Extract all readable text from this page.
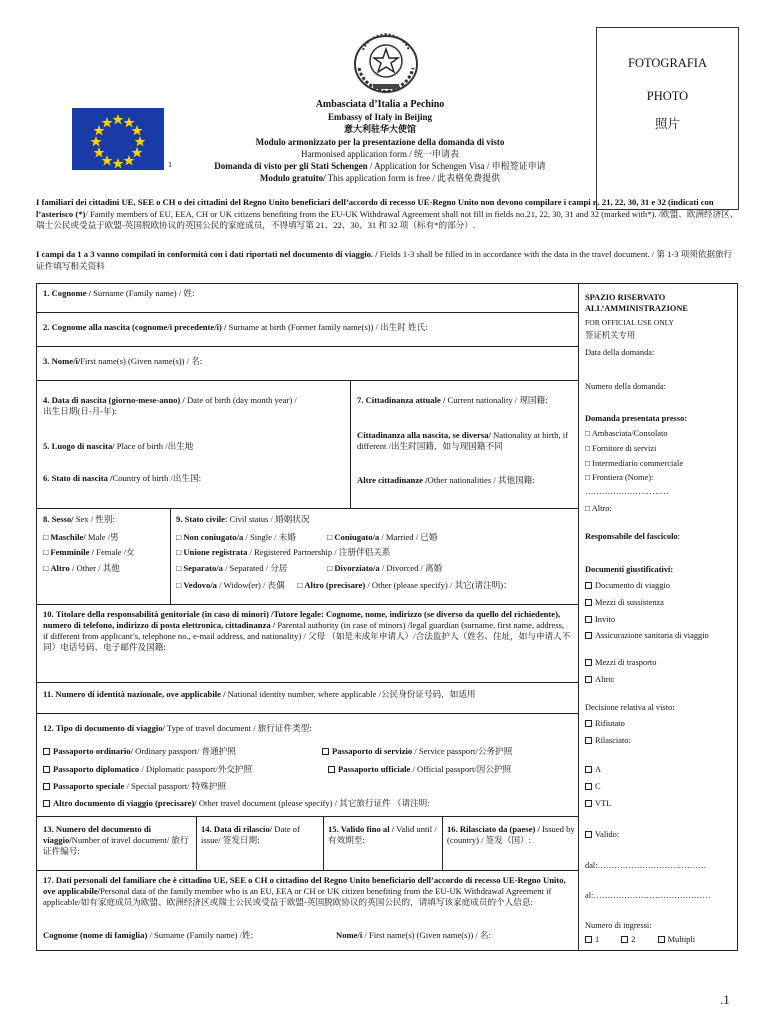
1
Ambasciata d’Italia a Pechino
Embassy of Italy in Beijing
意大利驻华大使馆
Modulo armonizzato per la presentazione della domanda di visto
Harmonised application form / 统一申请表
Domanda di visto per gli Stati Schengen / Application for Schengen Visa / 申根签证申请
Modulo gratuito/ This application form is free / 此表格免费提供
FOTOGRAFIA
PHOTO
照片
I familiari dei cittadini UE, SEE o CH o dei cittadini del Regno Unito beneficiari dell’accordo di recesso UE-Regno Unito non devono compilare i campi n. 21, 22, 30, 31 e 32 (indicati con l’asterisco (*)/ Family members of EU, EEA, CH or UK citizens benefiting from the EU-UK Withdrawal Agreement shall not fill in fields no.21, 22, 30, 31 and 32 (marked with*). /欧盟、欧洲经济区、瑞士公民或受益于欧盟-英国脱欧协议的英国公民的家庭成员，不得填写第 21、22、30、31 和 32 项（标有*的部分）.
I campi da 1 a 3 vanno compilati in conformità con i dati riportati nel documento di viaggio. / Fields 1-3 shall be filled in in accordance with the data in the travel document. / 第 1-3 项须依据旅行证件填写相关资料
1. Cognome / Surname (Family name) / 姓:
2. Cognome alla nascita (cognome/i precedente/i) / Surname at birth (Former family name(s)) / 出生时 姓氏:
3. Nome/i/First name(s) (Given name(s)) / 名:
4. Data di nascita (giorno-mese-anno) / Date of birth (day month year) / 出生日期(日-月-年):
5. Luogo di nascita/ Place of birth /出生地
6. Stato di nascita /Country of birth /出生国:
7. Cittadinanza attuale / Current nationality / 现国籍:
Cittadinanza alla nascita, se diversa/ Nationality at birth, if different /出生时国籍，如与现国籍不同
Altre cittadinanze /Other nationalities / 其他国籍:
8. Sesso/ Sex / 性别:
□ Maschile/ Male /男
□ Femminile / Female /女
□ Altro / Other / 其他
9. Stato civile: Civil status / 婚姻状况
□ Non coniugato/a / Single / 未婚	□ Coniugato/a / Married / 已婚
□ Unione registrata / Registered Partnership / 注册伴侣关系
□ Separato/a / Separated / 分居	□ Divorziato/a / Divorced / 离婚
□ Vedovo/a / Widow(er) / 丧偶 □ Altro (precisare) / Other (please specify) / 其它(请注明)：
10. Titolare della responsabilità genitoriale (in caso di minori) /Tutore legale: Cognome, nome, indirizzo (se diverso da quello del richiedente), numero di telefono, indirizzo di posta elettronica, cittadinanza / Parental authority (in case of minors) /legal guardian (surname, first name, address, if different from applicant’s, telephone no., e-mail address, and nationality) / 父母 （如是未成年申请人）/合法监护人（姓名、住址，如与申请人不同）电话号码、电子邮件及国籍:
11. Numero di identità nazionale, ove applicabile / National identity number, where applicable /公民身份证号码，如适用
12. Tipo di documento di viaggio/ Type of travel document / 旅行证件类型:
Passaporto ordinario/ Ordinary passport/ 普通护照	Passaporto di servizio / Service passport/公务护照
Passaporto diplomatico / Diplomatic passport/外交护照	Passaporto ufficiale / Official passport/因公护照
Passaporto speciale / Special passport/ 特殊护照
Altro documento di viaggio (precisare)/ Other travel document (please specify) / 其它旅行证件 （请注明:
13. Numero del documento di viaggio/Number of travel document/ 旅行证件编号:
14. Data di rilascio/ Date of issue/ 签发日期:
15. Valido fino al / Valid until /有效期至:
16. Rilasciato da (paese) / Issued by (country) / 签发（国）:
17. Dati personali del familiare che è cittadino UE, SEE o CH o cittadino del Regno Unito beneficiario dell’accordo di recesso UE-Regno Unito, ove applicabile/Personal data of the family member who is an EU, EEA or CH or UK citizen benefiting from the EU-UK Withdrawal Agreement if applicable/如有家庭成员为欧盟、欧洲经济区或瑞士公民或受益于欧盟-英国脱欧协议的英国公民的，请填写该家庭成员的个人信息:
Cognome (nome di famiglia) / Surname (Family name) /姓:	Nome/i / First name(s) (Given name(s)) / 名:
SPAZIO RISERVATO ALL’AMMINISTRAZIONE
FOR OFFICIAL USE ONLY
签证机关专用
Data della domanda:
Numero della domanda:
Domanda presentata presso:
□ Ambasciata/Consolato
□ Fornitore di servizi
□ Intermediario commerciale
□ Frontiera (Nome):
…………………………
□ Altro:
Responsabile del fascicolo:
Documenti giustificativi:
Documento di viaggio
Mezzi di sussistenza
Invito
Assicurazione sanitaria di viaggio
Mezzi di trasporto
Altro:
Decisione relativa al visto:
Rifiutato
Rilasciato:
A
C
VTL
Valido:
dal:…………………………………
al:……………………………………
Numero di ingressi:
1	2	Multipli
.1
